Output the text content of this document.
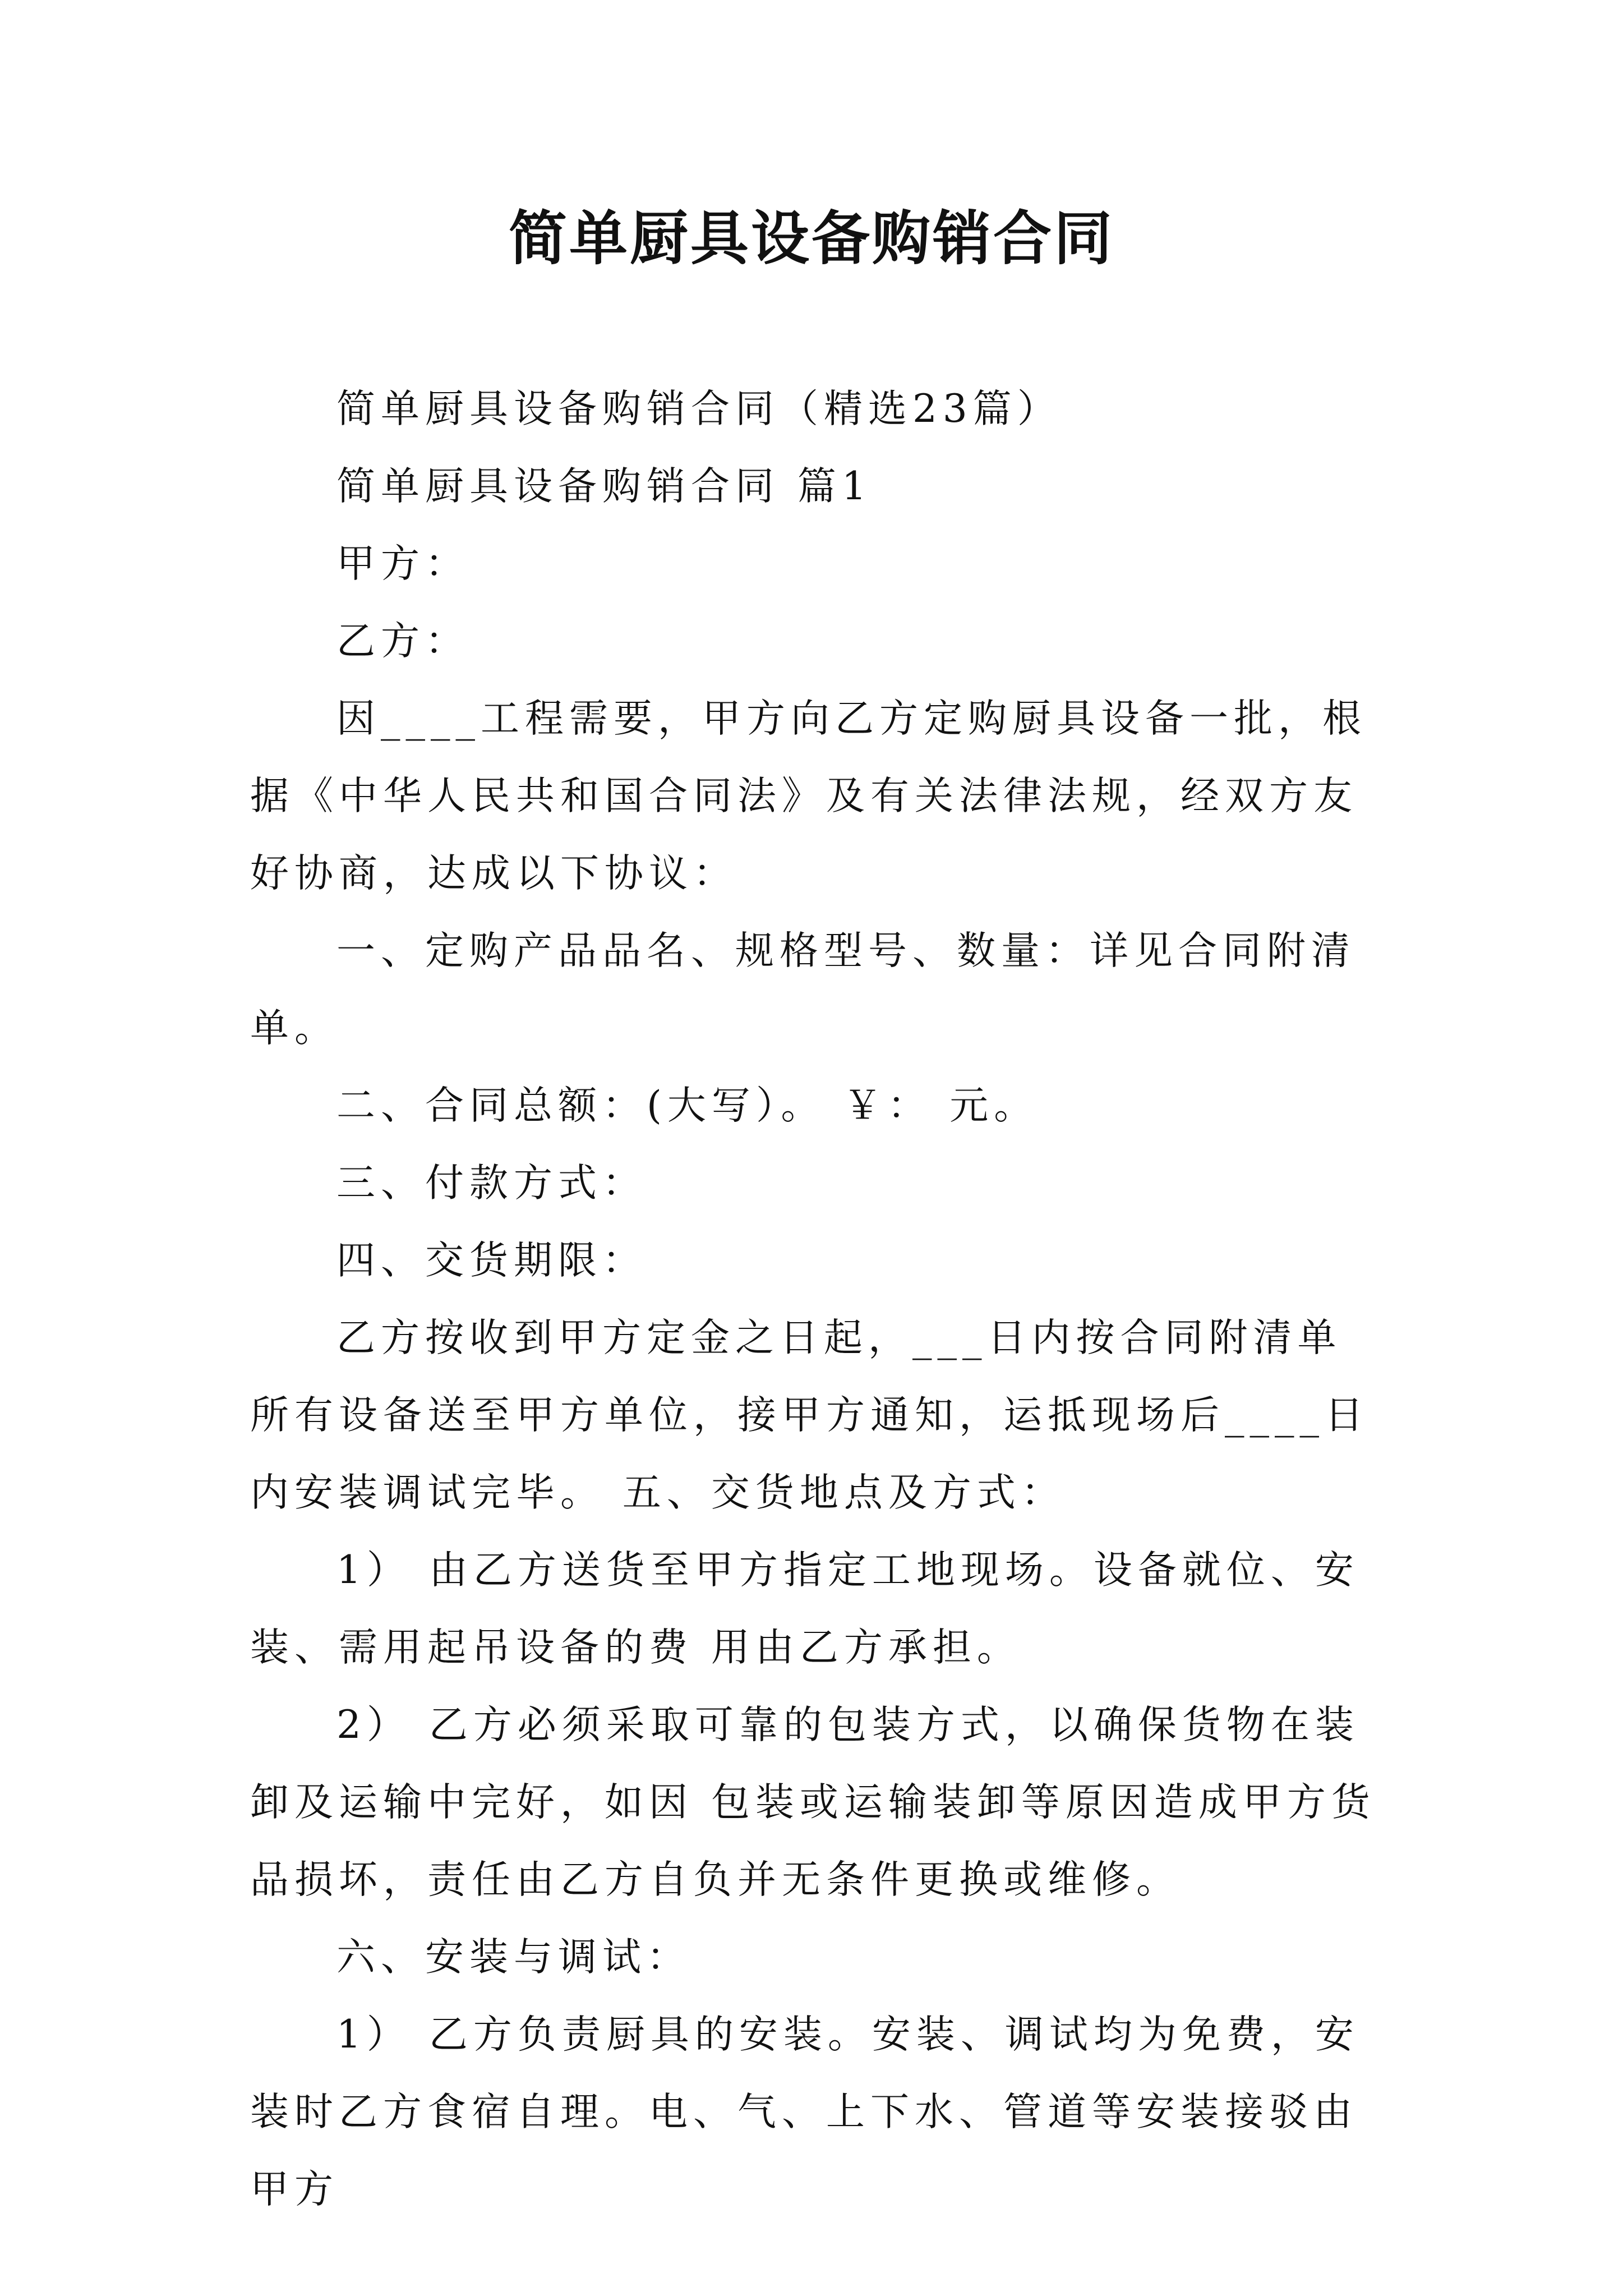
简单厨具设备购销合同

简单厨具设备购销合同（精选23篇）

简单厨具设备购销合同 篇1

甲方：

乙方：

因____工程需要，甲方向乙方定购厨具设备一批，根据《中华人民共和国合同法》及有关法律法规，经双方友好协商，达成以下协议：

一、定购产品品名、规格型号、数量：详见合同附清单。

二、合同总额：(大写）。 ￥： 元。

三、付款方式：

四、交货期限：

乙方按收到甲方定金之日起，___日内按合同附清单所有设备送至甲方单位，接甲方通知，运抵现场后____日内安装调试完毕。 五、交货地点及方式：

1） 由乙方送货至甲方指定工地现场。设备就位、安装、需用起吊设备的费 用由乙方承担。

2） 乙方必须采取可靠的包装方式，以确保货物在装卸及运输中完好，如因 包装或运输装卸等原因造成甲方货品损坏，责任由乙方自负并无条件更换或维修。

六、安装与调试：

1） 乙方负责厨具的安装。安装、调试均为免费，安装时乙方食宿自理。电、气、上下水、管道等安装接驳由甲方
